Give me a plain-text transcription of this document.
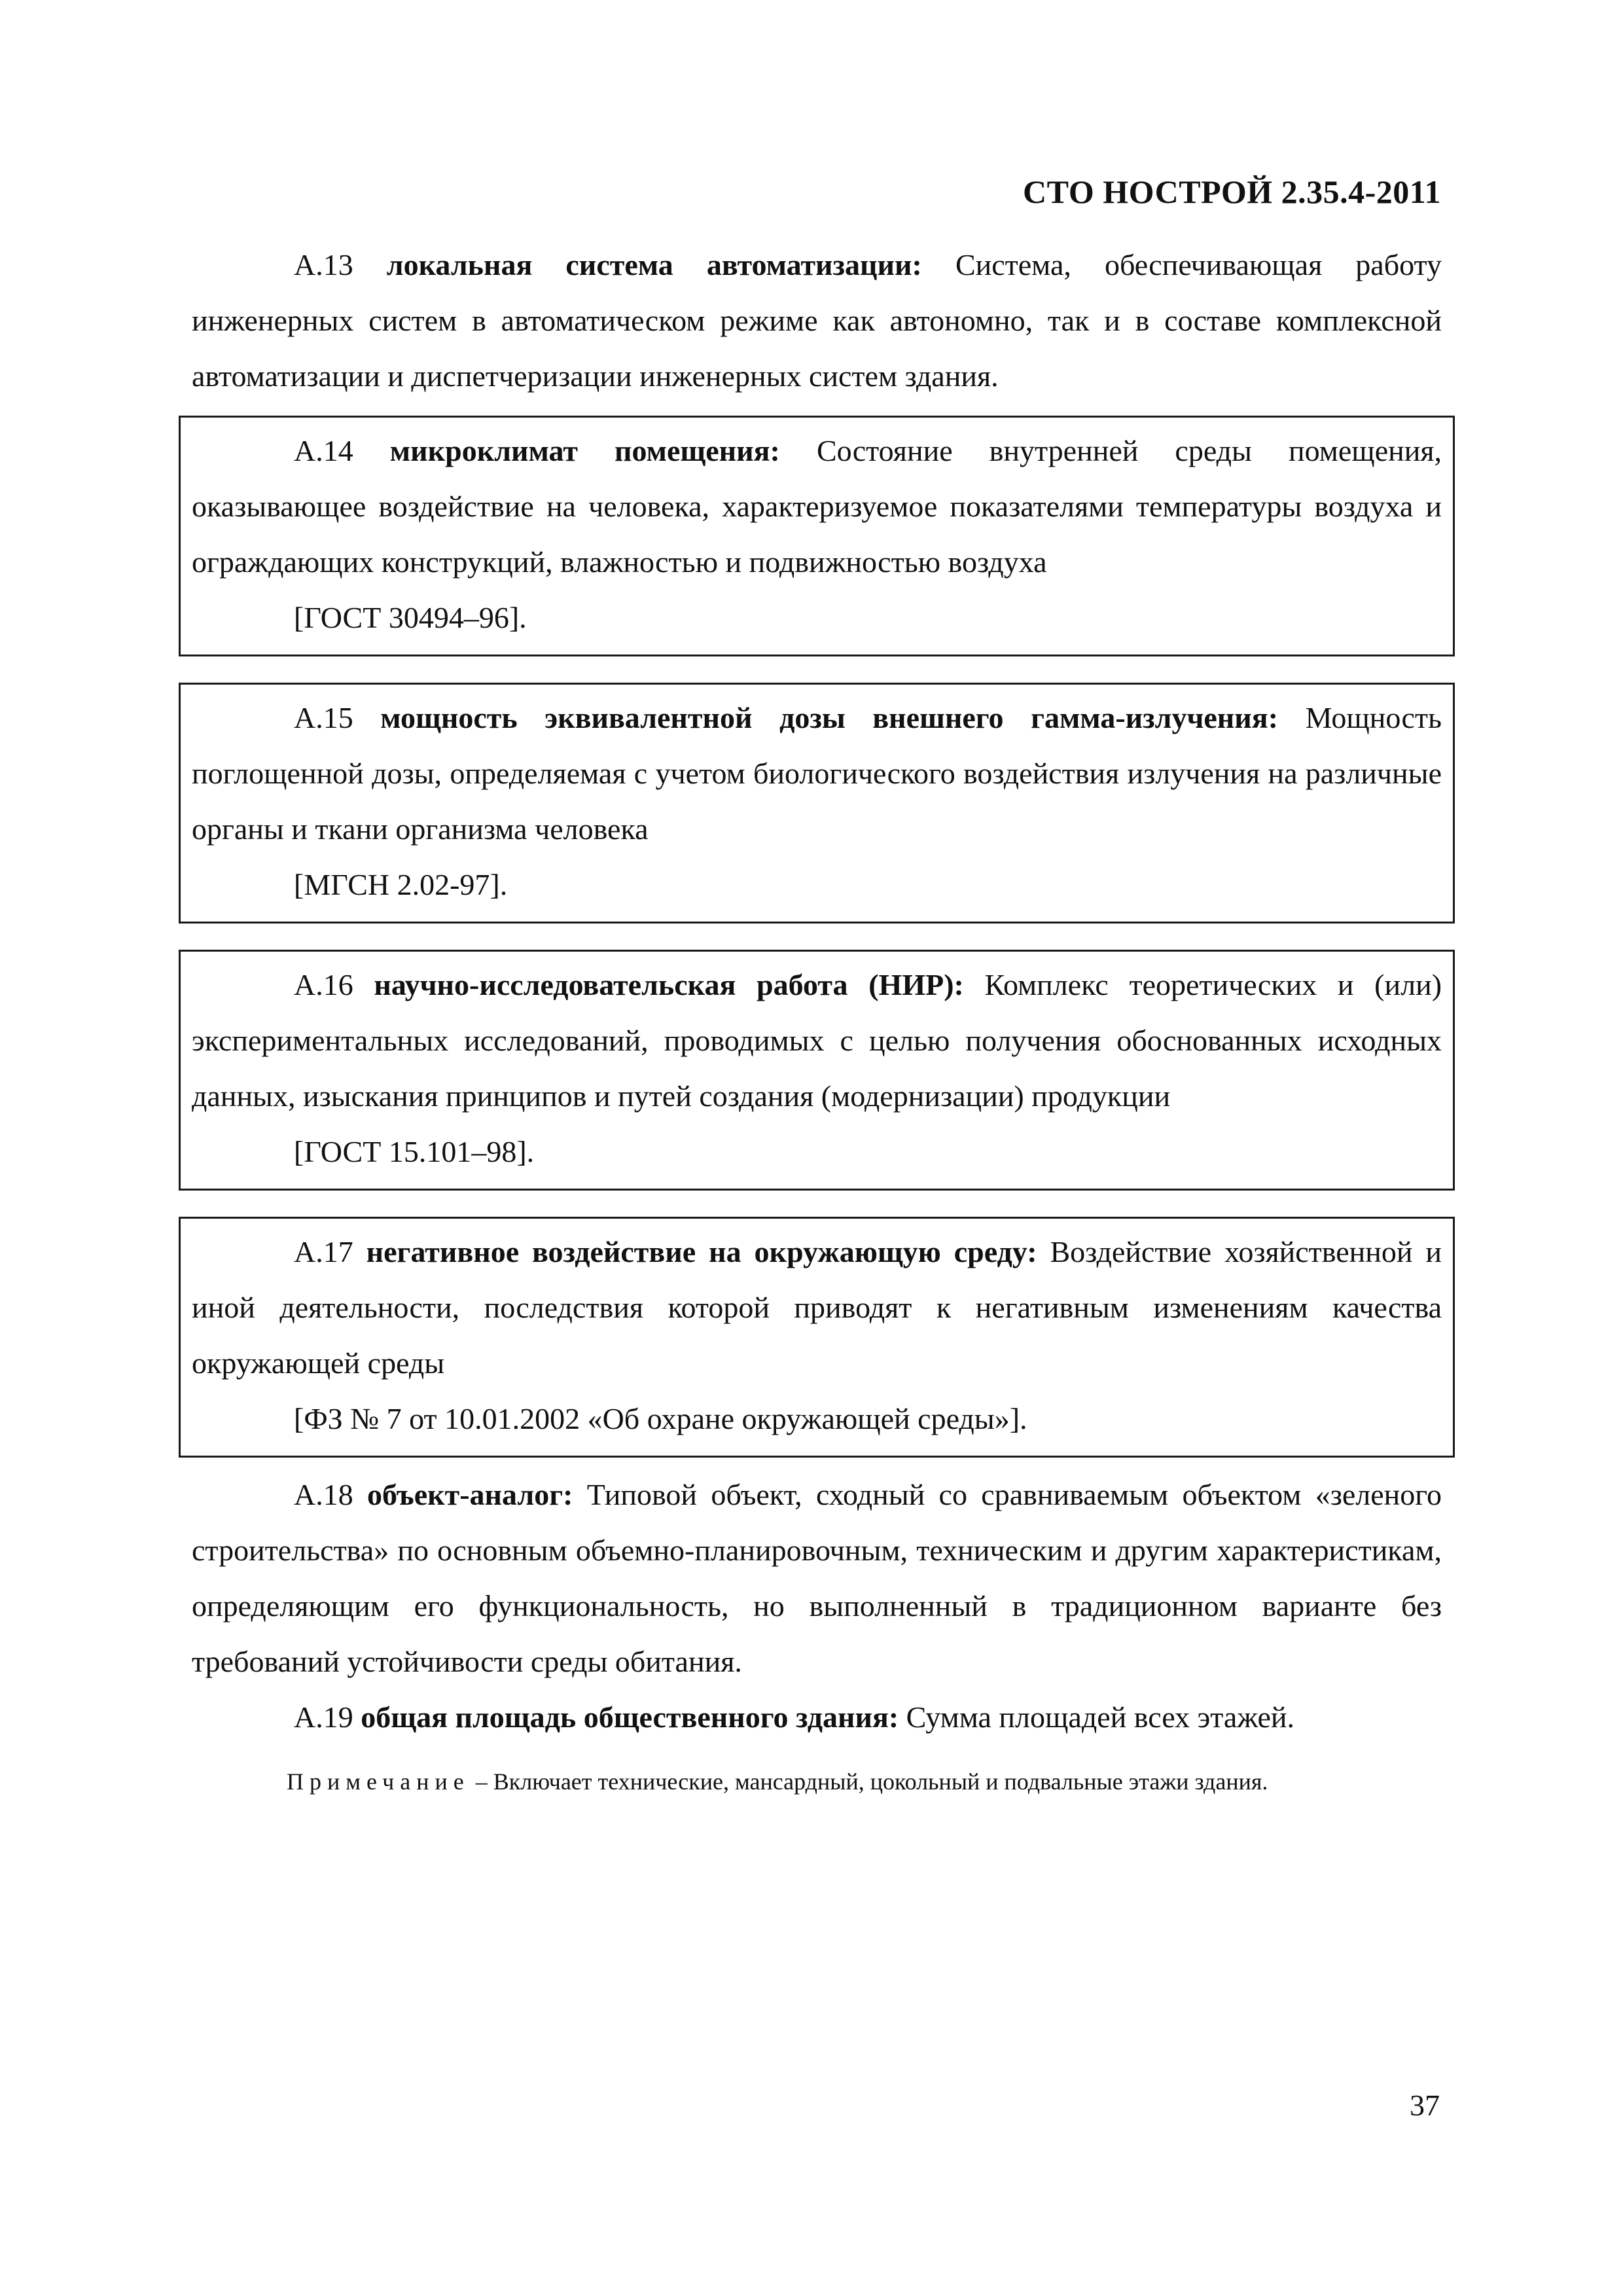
СТО НОСТРОЙ 2.35.4-2011

А.13 локальная система автоматизации: Система, обеспечивающая работу инженерных систем в автоматическом режиме как автономно, так и в составе комплексной автоматизации и диспетчеризации инженерных систем здания.

А.14 микроклимат помещения: Состояние внутренней среды помещения, оказывающее воздействие на человека, характеризуемое показателями температуры воздуха и ограждающих конструкций, влажностью и подвижностью воздуха

[ГОСТ 30494–96].

А.15 мощность эквивалентной дозы внешнего гамма-излучения: Мощность поглощенной дозы, определяемая с учетом биологического воздействия излучения на различные органы и ткани организма человека

[МГСН 2.02-97].

А.16 научно-исследовательская работа (НИР): Комплекс теоретических и (или) экспериментальных исследований, проводимых с целью получения обоснованных исходных данных, изыскания принципов и путей создания (модернизации) продукции

[ГОСТ 15.101–98].

А.17 негативное воздействие на окружающую среду: Воздействие хозяйственной и иной деятельности, последствия которой приводят к негативным изменениям качества окружающей среды

[ФЗ № 7 от 10.01.2002 «Об охране окружающей среды»].

А.18 объект-аналог: Типовой объект, сходный со сравниваемым объектом «зеленого строительства» по основным объемно-планировочным, техническим и другим характеристикам, определяющим его функциональность, но выполненный в традиционном варианте без требований устойчивости среды обитания.

А.19 общая площадь общественного здания: Сумма площадей всех этажей.

Примечание – Включает технические, мансардный, цокольный и подвальные этажи здания.

37
